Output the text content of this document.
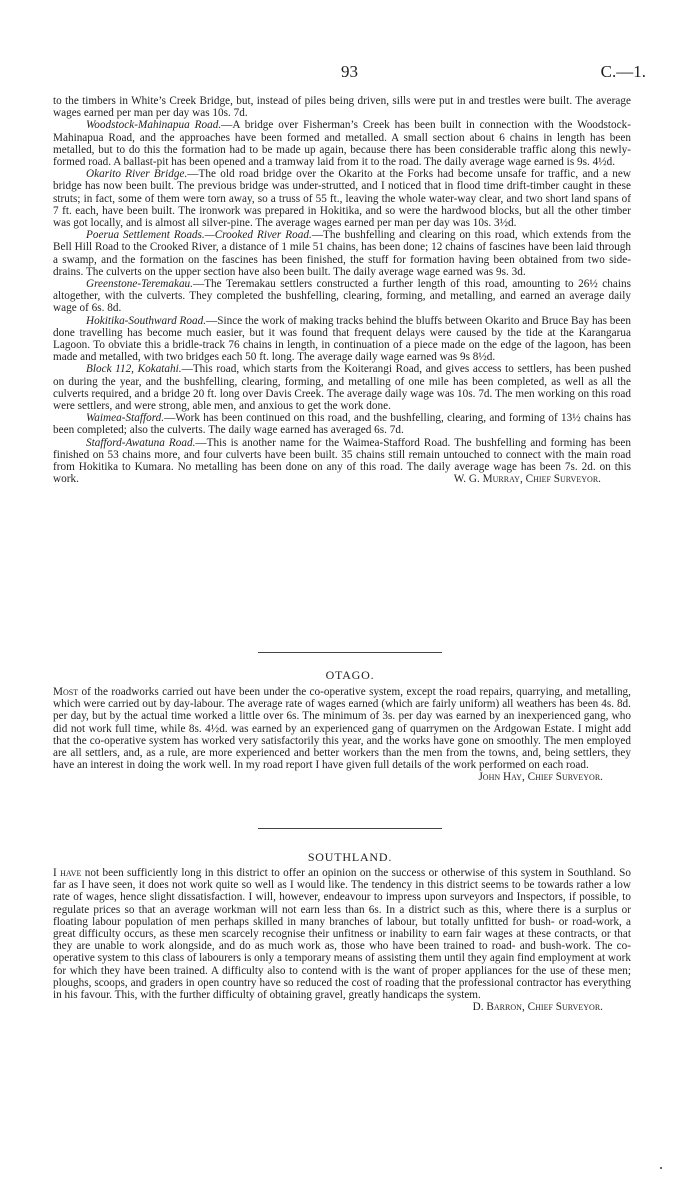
93	C.—1.

to the timbers in White’s Creek Bridge, but, instead of piles being driven, sills were put in and trestles were built. The average wages earned per man per day was 10s. 7d.

Woodstock-Mahinapua Road.—A bridge over Fisherman’s Creek has been built in connection with the Woodstock-Mahinapua Road, and the approaches have been formed and metalled. A small section about 6 chains in length has been metalled, but to do this the formation had to be made up again, because there has been considerable traffic along this newly-formed road. A ballast-pit has been opened and a tramway laid from it to the road. The daily average wage earned is 9s. 4½d.

Okarito River Bridge.—The old road bridge over the Okarito at the Forks had become unsafe for traffic, and a new bridge has now been built. The previous bridge was under-strutted, and I noticed that in flood time drift-timber caught in these struts; in fact, some of them were torn away, so a truss of 55 ft., leaving the whole water-way clear, and two short land spans of 7 ft. each, have been built. The ironwork was prepared in Hokitika, and so were the hardwood blocks, but all the other timber was got locally, and is almost all silver-pine. The average wages earned per man per day was 10s. 3½d.

Poerua Settlement Roads.—Crooked River Road.—The bushfelling and clearing on this road, which extends from the Bell Hill Road to the Crooked River, a distance of 1 mile 51 chains, has been done; 12 chains of fascines have been laid through a swamp, and the formation on the fascines has been finished, the stuff for formation having been obtained from two side-drains. The culverts on the upper section have also been built. The daily average wage earned was 9s. 3d.

Greenstone-Teremakau.—The Teremakau settlers constructed a further length of this road, amounting to 26½ chains altogether, with the culverts. They completed the bushfelling, clearing, forming, and metalling, and earned an average daily wage of 6s. 8d.

Hokitika-Southward Road.—Since the work of making tracks behind the bluffs between Okarito and Bruce Bay has been done travelling has become much easier, but it was found that frequent delays were caused by the tide at the Karangarua Lagoon. To obviate this a bridle-track 76 chains in length, in continuation of a piece made on the edge of the lagoon, has been made and metalled, with two bridges each 50 ft. long. The average daily wage earned was 9s 8½d.

Block 112, Kokatahi.—This road, which starts from the Koiterangi Road, and gives access to settlers, has been pushed on during the year, and the bushfelling, clearing, forming, and metalling of one mile has been completed, as well as all the culverts required, and a bridge 20 ft. long over Davis Creek. The average daily wage was 10s. 7d. The men working on this road were settlers, and were strong, able men, and anxious to get the work done.

Waimea-Stafford.—Work has been continued on this road, and the bushfelling, clearing, and forming of 13½ chains has been completed; also the culverts. The daily wage earned has averaged 6s. 7d.

Stafford-Awatuna Road.—This is another name for the Waimea-Stafford Road. The bushfelling and forming has been finished on 53 chains more, and four culverts have been built. 35 chains still remain untouched to connect with the main road from Hokitika to Kumara. No metalling has been done on any of this road. The daily average wage has been 7s. 2d. on this work.	W. G. Murray, Chief Surveyor.

OTAGO.

Most of the roadworks carried out have been under the co-operative system, except the road repairs, quarrying, and metalling, which were carried out by day-labour. The average rate of wages earned (which are fairly uniform) all weathers has been 4s. 8d. per day, but by the actual time worked a little over 6s. The minimum of 3s. per day was earned by an inexperienced gang, who did not work full time, while 8s. 4½d. was earned by an experienced gang of quarrymen on the Ardgowan Estate. I might add that the co-operative system has worked very satisfactorily this year, and the works have gone on smoothly. The men employed are all settlers, and, as a rule, are more experienced and better workers than the men from the towns, and, being settlers, they have an interest in doing the work well. In my road report I have given full details of the work performed on each road.
John Hay, Chief Surveyor.

SOUTHLAND.

I have not been sufficiently long in this district to offer an opinion on the success or otherwise of this system in Southland. So far as I have seen, it does not work quite so well as I would like. The tendency in this district seems to be towards rather a low rate of wages, hence slight dissatisfaction. I will, however, endeavour to impress upon surveyors and Inspectors, if possible, to regulate prices so that an average workman will not earn less than 6s. In a district such as this, where there is a surplus or floating labour population of men perhaps skilled in many branches of labour, but totally unfitted for bush- or road-work, a great difficulty occurs, as these men scarcely recognise their unfitness or inability to earn fair wages at these contracts, or that they are unable to work alongside, and do as much work as, those who have been trained to road- and bush-work. The co-operative system to this class of labourers is only a temporary means of assisting them until they again find employment at work for which they have been trained. A difficulty also to contend with is the want of proper appliances for the use of these men; ploughs, scoops, and graders in open country have so reduced the cost of roading that the professional contractor has everything in his favour. This, with the further difficulty of obtaining gravel, greatly handicaps the system.
D. Barron, Chief Surveyor.
